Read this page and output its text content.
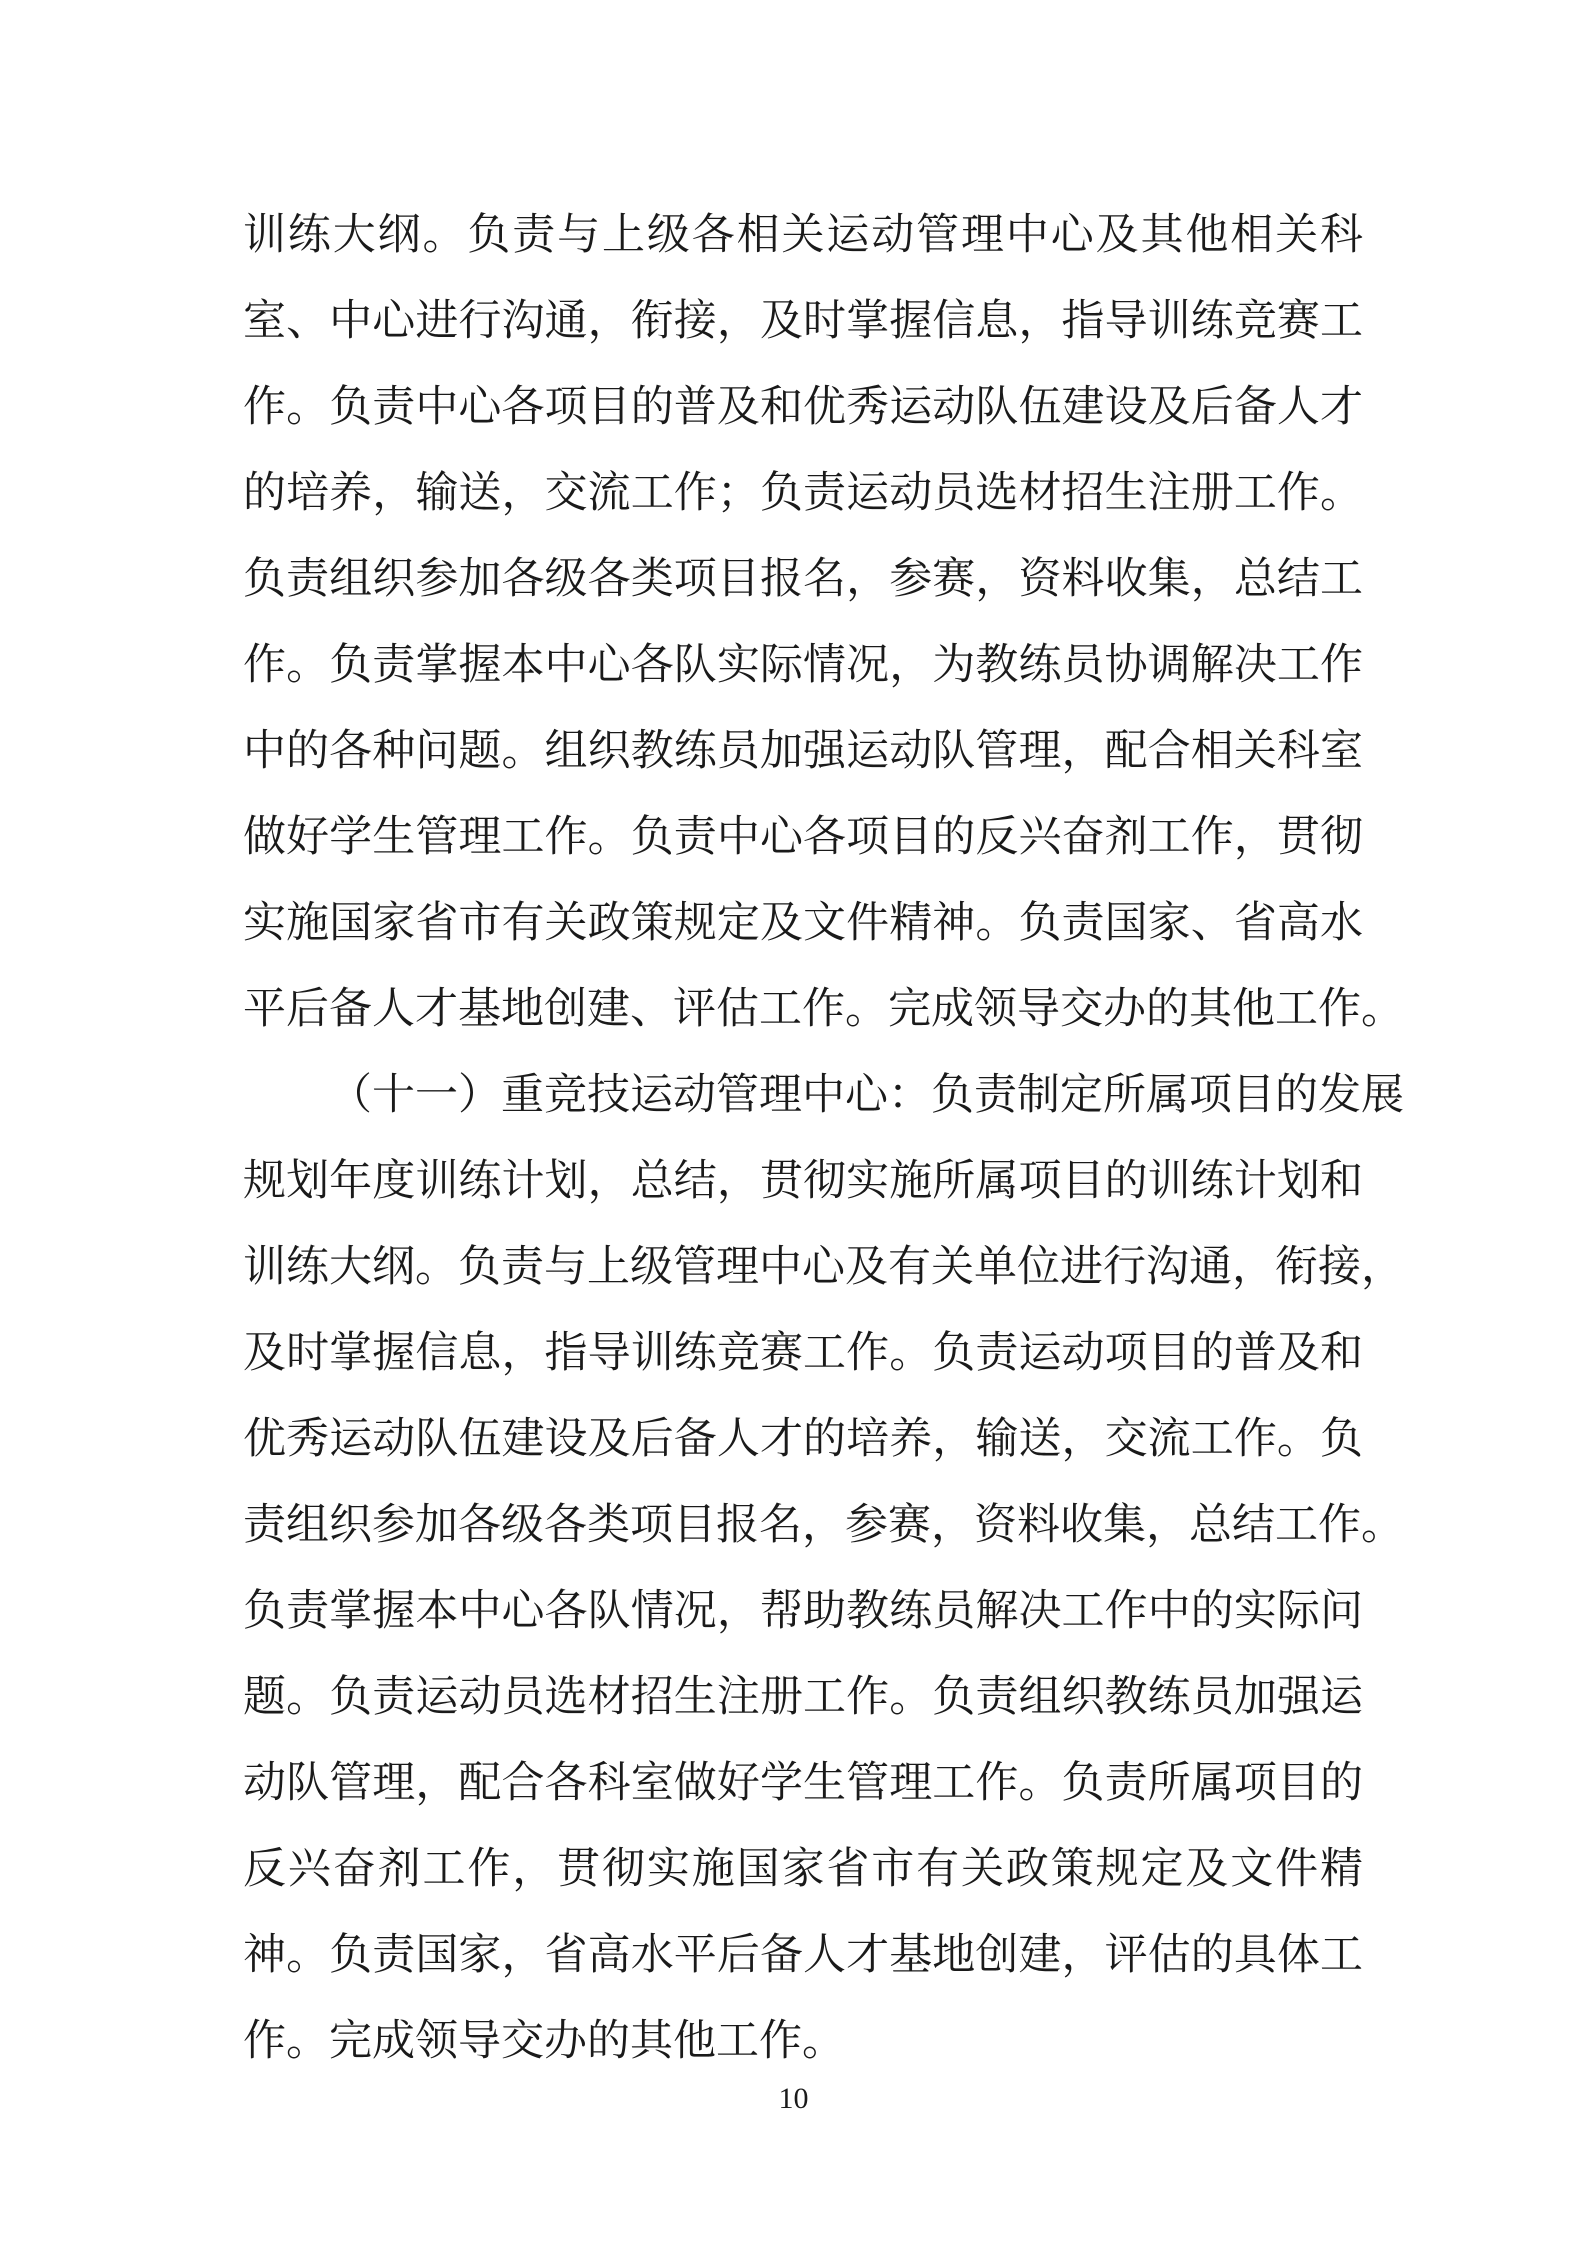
训练大纲。负责与上级各相关运动管理中心及其他相关科
室、中心进行沟通，衔接，及时掌握信息，指导训练竞赛工
作。负责中心各项目的普及和优秀运动队伍建设及后备人才
的培养，输送，交流工作；负责运动员选材招生注册工作。
负责组织参加各级各类项目报名，参赛，资料收集，总结工
作。负责掌握本中心各队实际情况，为教练员协调解决工作
中的各种问题。组织教练员加强运动队管理，配合相关科室
做好学生管理工作。负责中心各项目的反兴奋剂工作，贯彻
实施国家省市有关政策规定及文件精神。负责国家、省高水
平后备人才基地创建、评估工作。完成领导交办的其他工作。
（十一）重竞技运动管理中心：负责制定所属项目的发展
规划年度训练计划，总结，贯彻实施所属项目的训练计划和
训练大纲。负责与上级管理中心及有关单位进行沟通，衔接，
及时掌握信息，指导训练竞赛工作。负责运动项目的普及和
优秀运动队伍建设及后备人才的培养，输送，交流工作。负
责组织参加各级各类项目报名，参赛，资料收集，总结工作。
负责掌握本中心各队情况，帮助教练员解决工作中的实际问
题。负责运动员选材招生注册工作。负责组织教练员加强运
动队管理，配合各科室做好学生管理工作。负责所属项目的
反兴奋剂工作，贯彻实施国家省市有关政策规定及文件精
神。负责国家，省高水平后备人才基地创建，评估的具体工
作。完成领导交办的其他工作。
10
